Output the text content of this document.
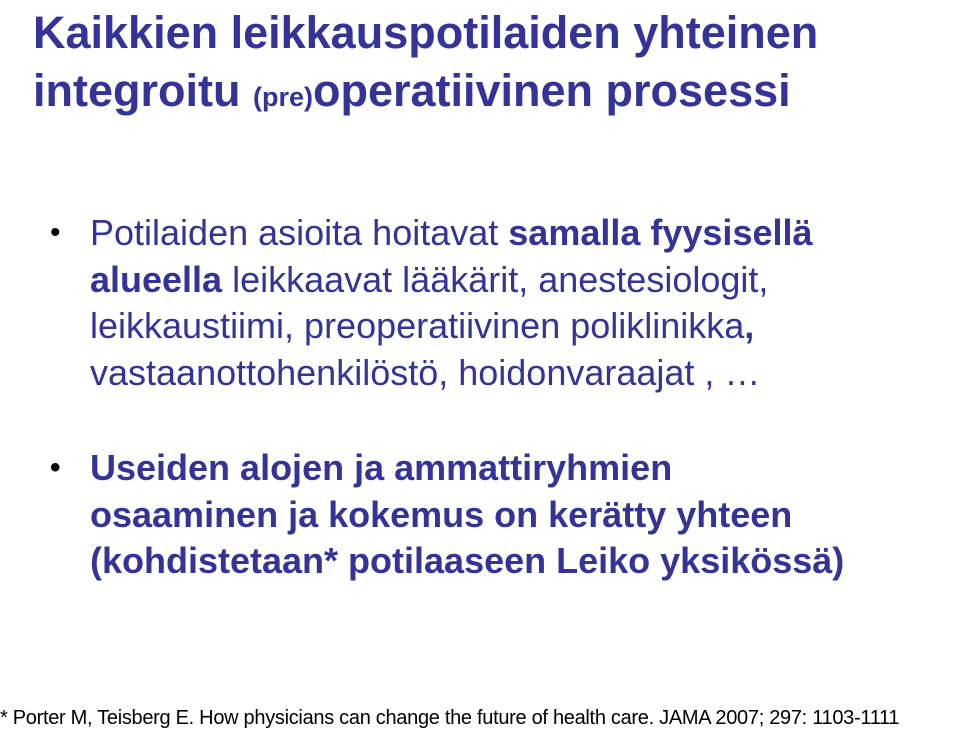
Kaikkien leikkauspotilaiden yhteinen
integroitu (pre)operatiivinen prosessi
• Potilaiden asioita hoitavat samalla fyysisellä
alueella leikkaavat lääkärit, anestesiologit,
leikkaustiimi, preoperatiivinen poliklinikka,
vastaanottohenkilöstö, hoidonvaraajat , …
• Useiden alojen ja ammattiryhmien
osaaminen ja kokemus on kerätty yhteen
(kohdistetaan* potilaaseen Leiko yksikössä)
* Porter M, Teisberg E. How physicians can change the future of health care. JAMA 2007; 297: 1103-1111
